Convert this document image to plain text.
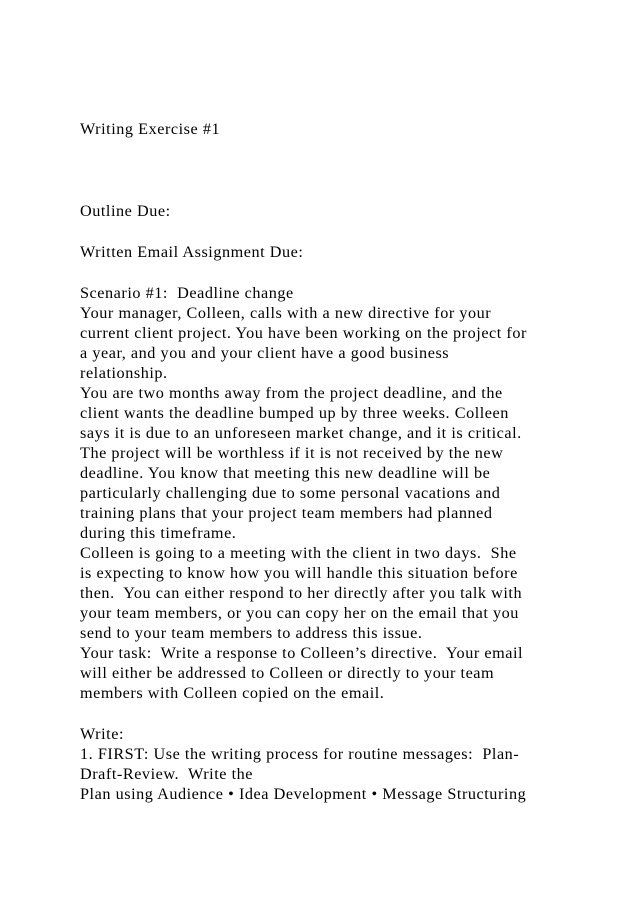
Writing Exercise #1

Outline Due:

Written Email Assignment Due:

Scenario #1:  Deadline change

Your manager, Colleen, calls with a new directive for your

current client project. You have been working on the project for

a year, and you and your client have a good business

relationship.

You are two months away from the project deadline, and the

client wants the deadline bumped up by three weeks. Colleen

says it is due to an unforeseen market change, and it is critical.

The project will be worthless if it is not received by the new

deadline. You know that meeting this new deadline will be

particularly challenging due to some personal vacations and

training plans that your project team members had planned

during this timeframe.

Colleen is going to a meeting with the client in two days.  She

is expecting to know how you will handle this situation before

then.  You can either respond to her directly after you talk with

your team members, or you can copy her on the email that you

send to your team members to address this issue.

Your task:  Write a response to Colleen’s directive.  Your email

will either be addressed to Colleen or directly to your team

members with Colleen copied on the email.

Write:

1. FIRST: Use the writing process for routine messages:  Plan-

Draft-Review.  Write the

Plan using Audience • Idea Development • Message Structuring
